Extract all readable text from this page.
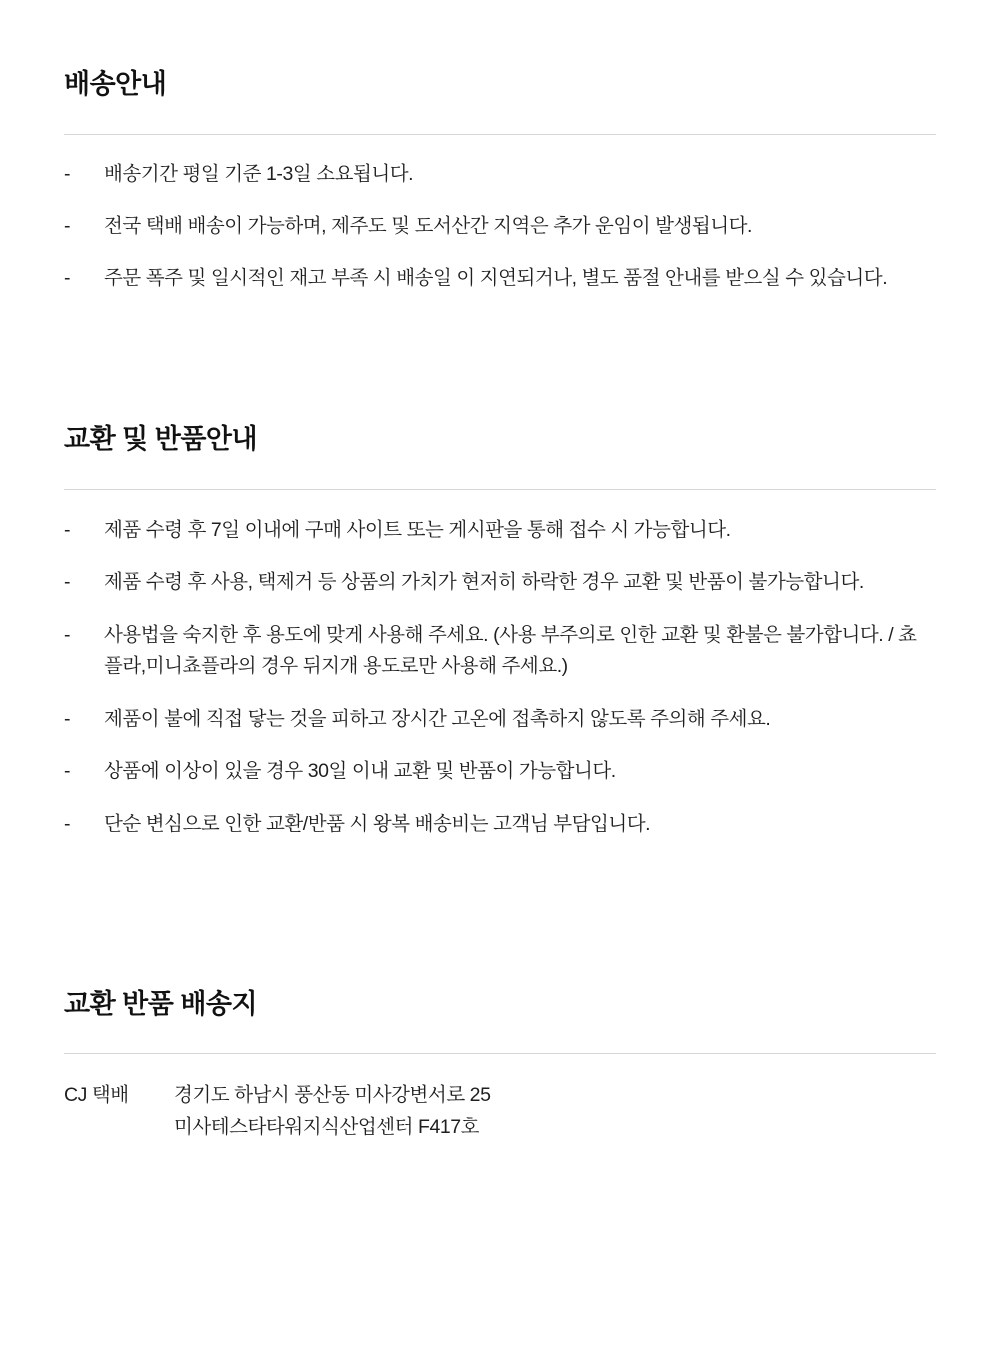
배송안내
-	배송기간 평일 기준 1-3일 소요됩니다.
-	전국 택배 배송이 가능하며, 제주도 및 도서산간 지역은 추가 운임이 발생됩니다.
-	주문 폭주 및 일시적인 재고 부족 시 배송일 이 지연되거나, 별도 품절 안내를 받으실 수 있습니다.
교환 및 반품안내
-	제품 수령 후 7일 이내에 구매 사이트 또는 게시판을 통해 접수 시 가능합니다.
-	제품 수령 후 사용, 택제거 등 상품의 가치가 현저히 하락한 경우 교환 및 반품이 불가능합니다.
-	사용법을 숙지한 후 용도에 맞게 사용해 주세요. (사용 부주의로 인한 교환 및 환불은 불가합니다. / 쵸플라,미니쵸플라의 경우 뒤지개 용도로만 사용해 주세요.)
-	제품이 불에 직접 닿는 것을 피하고 장시간 고온에 접촉하지 않도록 주의해 주세요.
-	상품에 이상이 있을 경우 30일 이내 교환 및 반품이 가능합니다.
-	단순 변심으로 인한 교환/반품 시 왕복 배송비는 고객님 부담입니다.
교환 반품 배송지
CJ 택배	경기도 하남시 풍산동 미사강변서로 25
미사테스타타워지식산업센터 F417호
